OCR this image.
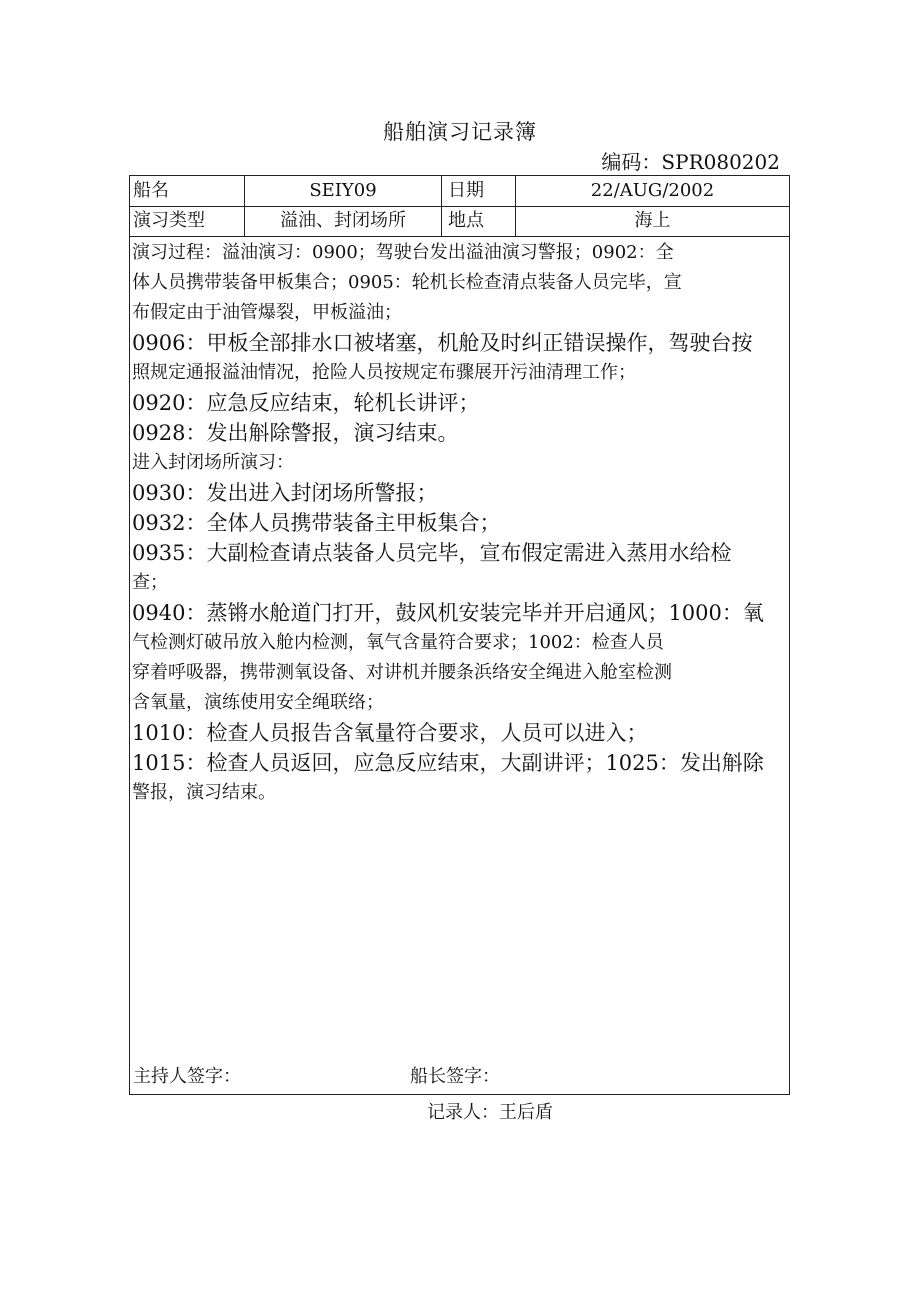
船舶演习记录簿
编码：SPR080202
船名	SEIY09	日期	22/AUG/2002
演习类型	溢油、封闭场所	地点	海上
演习过程：溢油演习：0900；驾驶台发出溢油演习警报；0902：全
体人员携带装备甲板集合；0905：轮机长检查清点装备人员完毕，宣
布假定由于油管爆裂，甲板溢油；
0906：甲板全部排水口被堵塞，机舱及时纠正错误操作，驾驶台按
照规定通报溢油情况，抢险人员按规定布骤展开污油清理工作；
0920：应急反应结束，轮机长讲评；
0928：发出斛除警报，演习结束。
进入封闭场所演习：
0930：发出进入封闭场所警报；
0932：全体人员携带装备主甲板集合；
0935：大副检查请点装备人员完毕，宣布假定需进入蒸用水给检
查；
0940：蒸锵水舱道门打开，鼓风机安装完毕并开启通风；1000：氧
气检测灯破吊放入舱内检测，氧气含量符合要求；1002：检查人员
穿着呼吸器，携带测氧设备、对讲机并腰条浜络安全绳进入舱室检测
含氧量，演练使用安全绳联络；
1010：检查人员报告含氧量符合要求，人员可以进入；
1015：检查人员返回，应急反应结束，大副讲评；1025：发出斛除
警报，演习结束。
主持人签字：	船长签字：
记录人：王后盾
